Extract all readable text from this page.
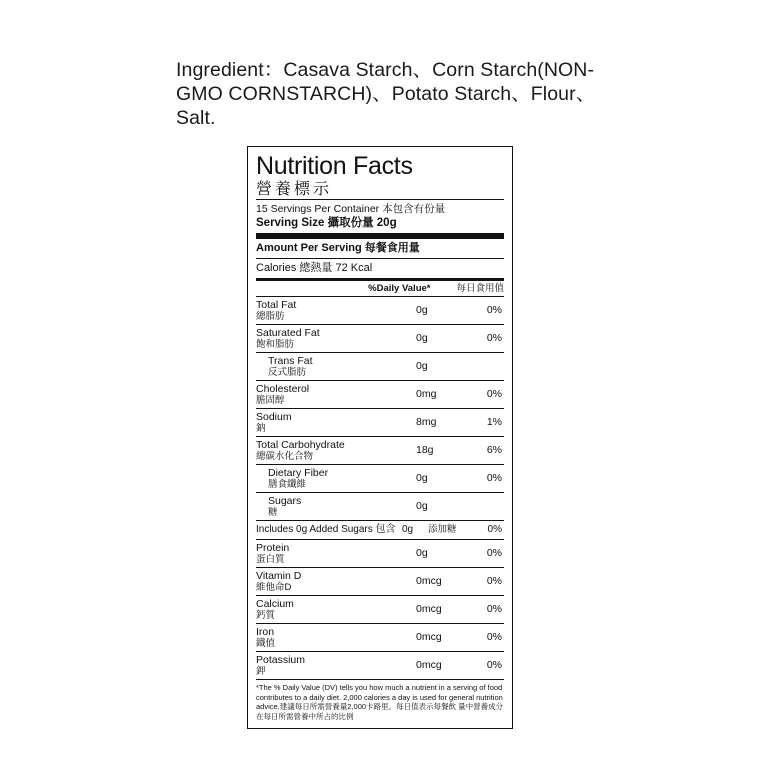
Ingredient：Casava Starch、Corn Starch(NON-GMO CORNSTARCH)、Potato Starch、Flour、Salt.
Nutrition Facts
營養標示
15 Servings Per Container 本包含有份量
Serving Size 攝取份量 20g
Amount Per Serving 每餐食用量
Calories 總熱量 72 Kcal
%Daily Value*	每日食用值
Total Fat
總脂肪
0g	0%
Saturated Fat
飽和脂肪
0g	0%
Trans Fat
反式脂肪
0g
Cholesterol
膽固醇
0mg	0%
Sodium
鈉
8mg	1%
Total Carbohydrate
總碳水化合物
18g	6%
Dietary Fiber
膳食纖維
0g	0%
Sugars
糖
0g
Includes 0g Added Sugars 包含 0g	添加糖	0%
Protein
蛋白質
0g	0%
Vitamin D
維他命D
0mcg	0%
Calcium
鈣質
0mcg	0%
Iron
鐵值
0mcg	0%
Potassium
鉀
0mcg	0%
*The % Daily Value (DV) tells you how much a nutrient in a serving of food contributes to a daily diet. 2,000 calories a day is used for general nutrition advice.建議每日所需營養量2,000卡路里。每日值表示每餐飲 量中營養成分在每日所需營養中所占的比例
